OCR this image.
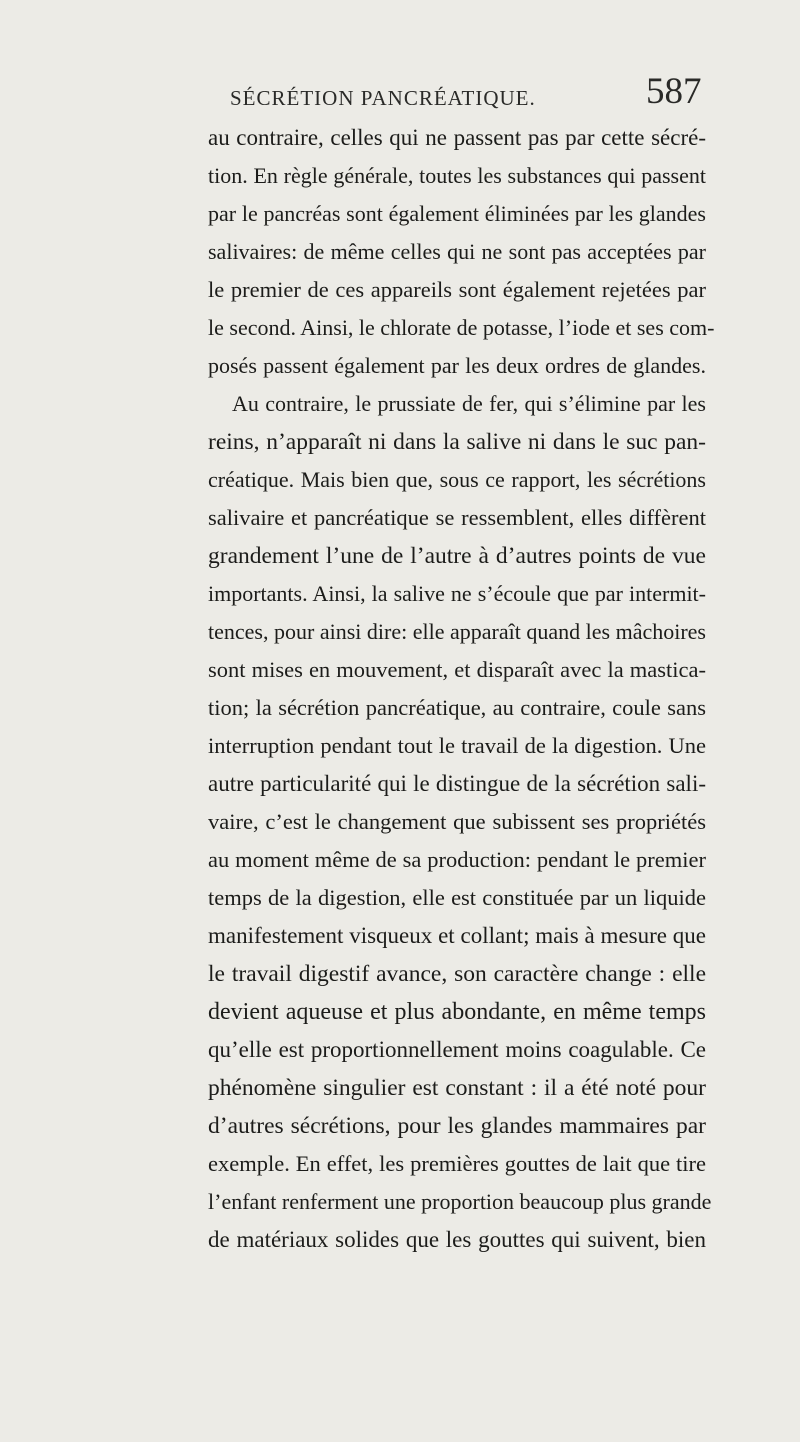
SÉCRÉTION PANCRÉATIQUE.	587
au contraire, celles qui ne passent pas par cette sécré-
tion. En règle générale, toutes les substances qui passent
par le pancréas sont également éliminées par les glandes
salivaires: de même celles qui ne sont pas acceptées par
le premier de ces appareils sont également rejetées par
le second. Ainsi, le chlorate de potasse, l’iode et ses com-
posés passent également par les deux ordres de glandes.
Au contraire, le prussiate de fer, qui s’élimine par les
reins, n’apparaît ni dans la salive ni dans le suc pan-
créatique. Mais bien que, sous ce rapport, les sécrétions
salivaire et pancréatique se ressemblent, elles diffèrent
grandement l’une de l’autre à d’autres points de vue
importants. Ainsi, la salive ne s’écoule que par intermit-
tences, pour ainsi dire: elle apparaît quand les mâchoires
sont mises en mouvement, et disparaît avec la mastica-
tion; la sécrétion pancréatique, au contraire, coule sans
interruption pendant tout le travail de la digestion. Une
autre particularité qui le distingue de la sécrétion sali-
vaire, c’est le changement que subissent ses propriétés
au moment même de sa production: pendant le premier
temps de la digestion, elle est constituée par un liquide
manifestement visqueux et collant; mais à mesure que
le travail digestif avance, son caractère change : elle
devient aqueuse et plus abondante, en même temps
qu’elle est proportionnellement moins coagulable. Ce
phénomène singulier est constant : il a été noté pour
d’autres sécrétions, pour les glandes mammaires par
exemple. En effet, les premières gouttes de lait que tire
l’enfant renferment une proportion beaucoup plus grande
de matériaux solides que les gouttes qui suivent, bien
